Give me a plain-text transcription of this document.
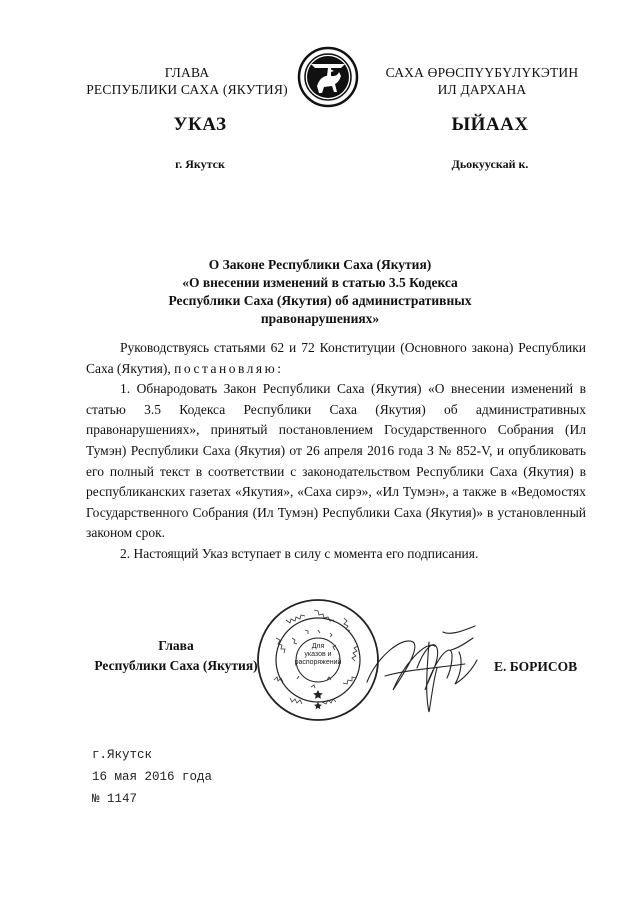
ГЛАВА
РЕСПУБЛИКИ САХА (ЯКУТИЯ)
САХА ӨРӨСПҮҮБҮЛҮКЭТИН
ИЛ ДАРХАНА
УКАЗ	ЫЙААХ
г. Якутск	Дьокуускай к.
О Законе Республики Саха (Якутия)
«О внесении изменений в статью 3.5 Кодекса
Республики Саха (Якутия) об административных
правонарушениях»

Руководствуясь статьями 62 и 72 Конституции (Основного закона) Республики Саха (Якутия), постановляю:

1. Обнародовать Закон Республики Саха (Якутия) «О внесении изменений в статью 3.5 Кодекса Республики Саха (Якутия) об административных правонарушениях», принятый постановлением Государственного Собрания (Ил Тумэн) Республики Саха (Якутия) от 26 апреля 2016 года З № 852-V, и опубликовать его полный текст в соответствии с законодательством Республики Саха (Якутия) в республиканских газетах «Якутия», «Саха сирэ», «Ил Тумэн», а также в «Ведомостях Государственного Собрания (Ил Тумэн) Республики Саха (Якутия)» в установленный законом срок.

2. Настоящий Указ вступает в силу с момента его подписания.

Для
указов и
распоряжений
Глава
Республики Саха (Якутия)	Е. БОРИСОВ
г.Якутск
16 мая 2016 года
№ 1147
